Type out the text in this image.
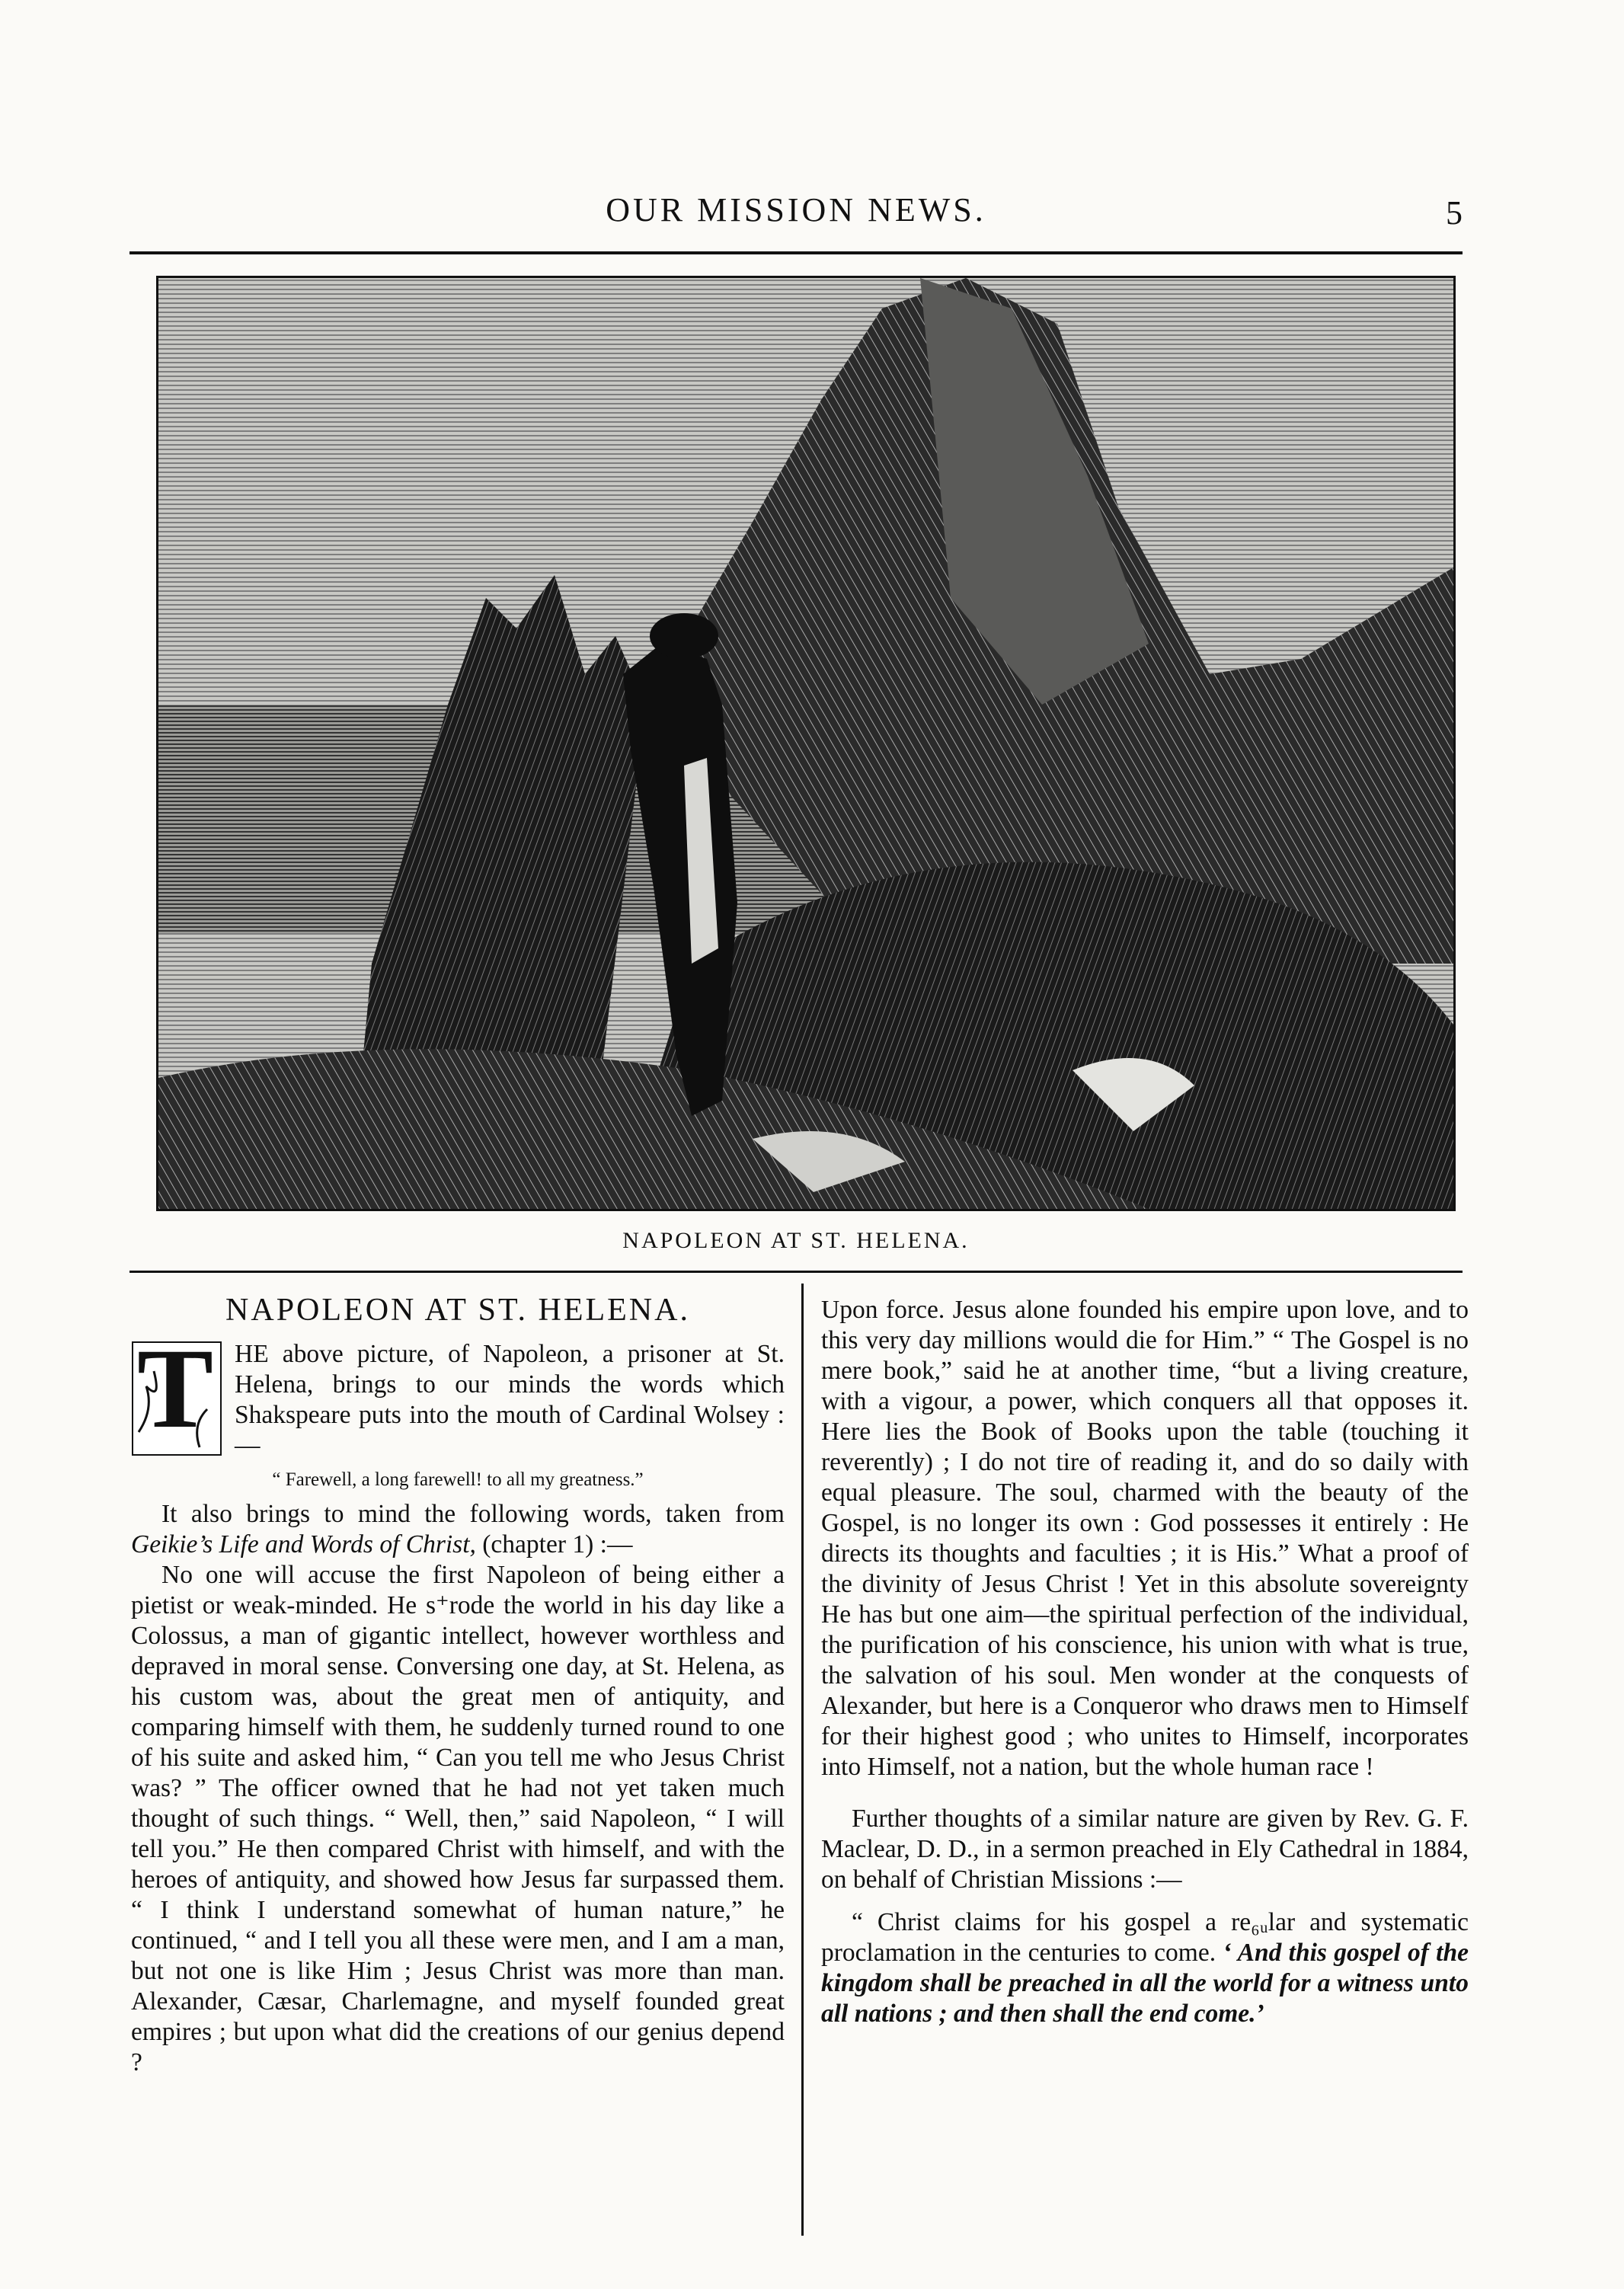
OUR MISSION NEWS.	5
NAPOLEON AT ST. HELENA.
NAPOLEON AT ST. HELENA.

T HE above picture, of Napoleon, a prisoner at St. Helena, brings to our minds the words which Shakspeare puts into the mouth of Cardinal Wolsey :—

“ Farewell, a long farewell! to all my greatness.”

It also brings to mind the following words, taken from Geikie’s Life and Words of Christ, (chapter 1) :—

No one will accuse the first Napoleon of being either a pietist or weak-minded. He s⁺rode the world in his day like a Colossus, a man of gigantic intellect, however worthless and depraved in moral sense. Conversing one day, at St. Helena, as his custom was, about the great men of antiquity, and comparing himself with them, he suddenly turned round to one of his suite and asked him, “ Can you tell me who Jesus Christ was? ” The officer owned that he had not yet taken much thought of such things. “ Well, then,” said Napoleon, “ I will tell you.” He then compared Christ with himself, and with the heroes of antiquity, and showed how Jesus far surpassed them. “ I think I understand somewhat of human nature,” he continued, “ and I tell you all these were men, and I am a man, but not one is like Him ; Jesus Christ was more than man. Alexander, Cæsar, Charlemagne, and myself founded great empires ; but upon what did the creations of our genius depend ?

Upon force. Jesus alone founded his empire upon love, and to this very day millions would die for Him.” “ The Gospel is no mere book,” said he at another time, “but a living creature, with a vigour, a power, which conquers all that opposes it. Here lies the Book of Books upon the table (touching it reverently) ; I do not tire of reading it, and do so daily with equal pleasure. The soul, charmed with the beauty of the Gospel, is no longer its own : God possesses it entirely : He directs its thoughts and faculties ; it is His.” What a proof of the divinity of Jesus Christ ! Yet in this absolute sovereignty He has but one aim—the spiritual perfection of the individual, the purification of his conscience, his union with what is true, the salvation of his soul. Men wonder at the conquests of Alexander, but here is a Conqueror who draws men to Himself for their highest good ; who unites to Himself, incorporates into Himself, not a nation, but the whole human race !

Further thoughts of a similar nature are given by Rev. G. F. Maclear, D. D., in a sermon preached in Ely Cathedral in 1884, on behalf of Christian Missions :—

“ Christ claims for his gospel a re₆ᵤlar and systematic proclamation in the centuries to come. ‘ And this gospel of the kingdom shall be preached in all the world for a witness unto all nations ; and then shall the end come.’
